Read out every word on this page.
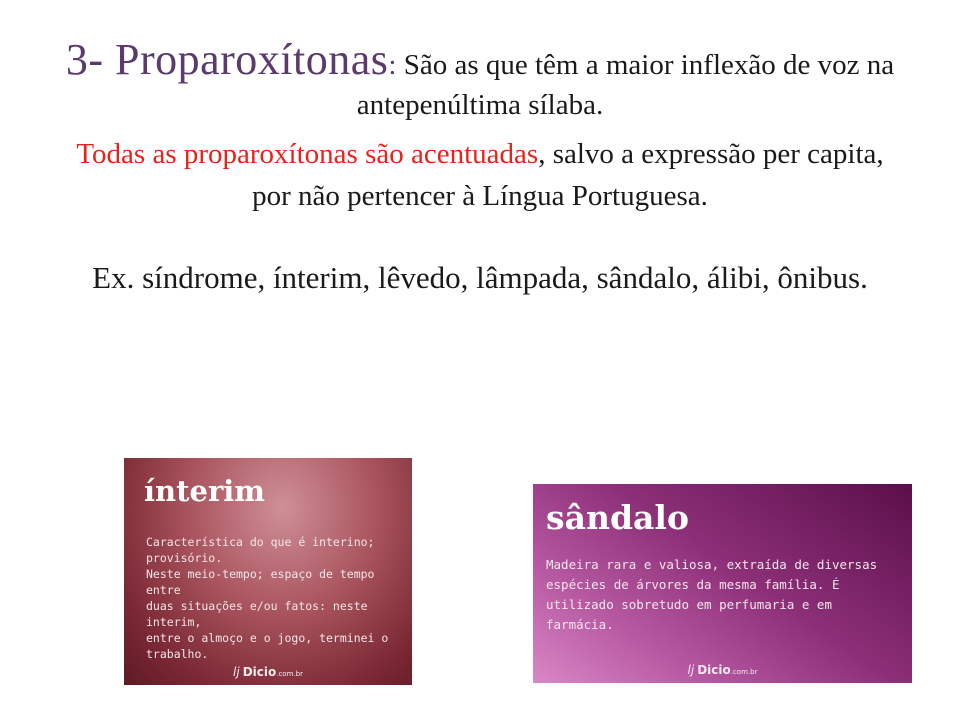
3- Proparoxítonas: São as que têm a maior inflexão de voz na antepenúltima sílaba.

Todas as proparoxítonas são acentuadas, salvo a expressão per capita, por não pertencer à Língua Portuguesa.

Ex. síndrome, ínterim, lêvedo, lâmpada, sândalo, álibi, ônibus.

ínterim

Característica do que é interino;
provisório.
Neste meio-tempo; espaço de tempo entre
duas situações e/ou fatos: neste interim,
entre o almoço e o jogo, terminei o
trabalho.

lj Dicio.com.br

sândalo

Madeira rara e valiosa, extraída de diversas
espécies de árvores da mesma família. É
utilizado sobretudo em perfumaria e em
farmácia.

lj Dicio.com.br
